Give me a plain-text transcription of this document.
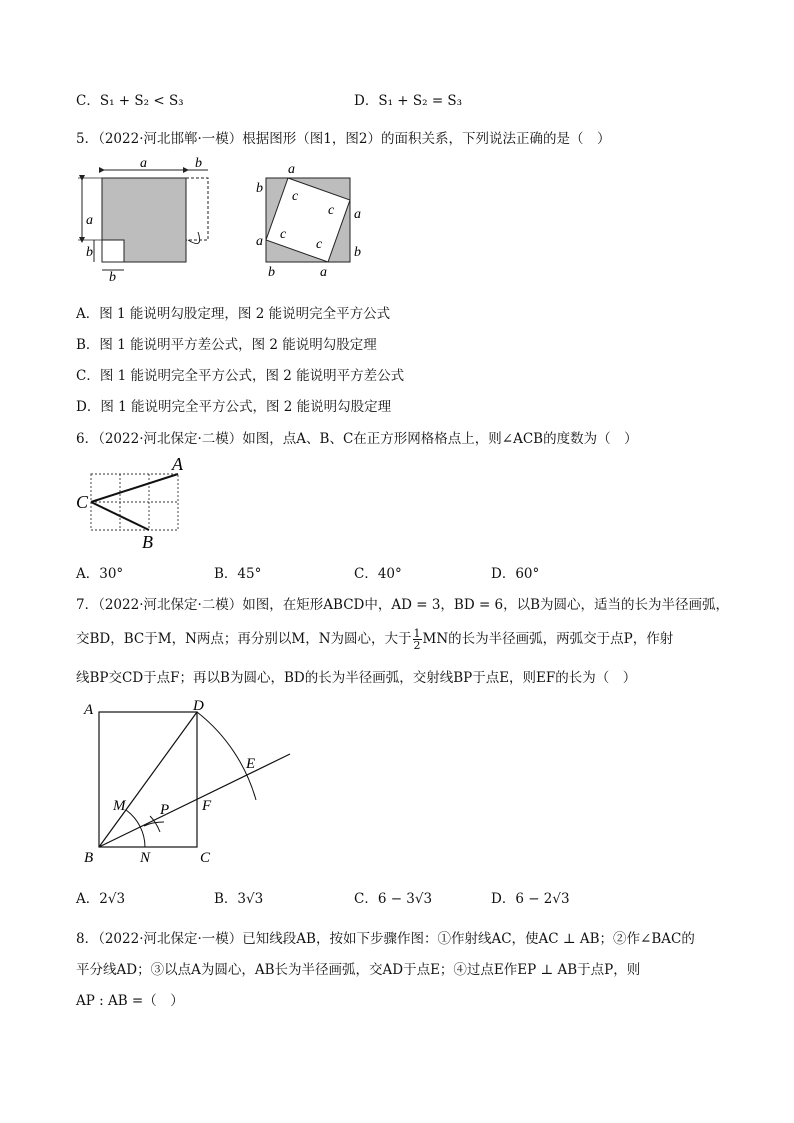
C．S₁ + S₂ < S₃	D．S₁ + S₂ = S₃
5．（2022·河北邯郸·一模）根据图形（图1，图2）的面积关系，下列说法正确的是（　）
a	b
a
b
b
a
b
a
b
a
b	a
c
c
c
c
A．图 1 能说明勾股定理，图 2 能说明完全平方公式
B．图 1 能说明平方差公式，图 2 能说明勾股定理
C．图 1 能说明完全平方公式，图 2 能说明平方差公式
D．图 1 能说明完全平方公式，图 2 能说明勾股定理
6．（2022·河北保定·二模）如图，点A、B、C在正方形网格格点上，则∠ACB的度数为（　）
A
C
B
A．30°	B．45°	C．40°	D．60°
7．（2022·河北保定·二模）如图，在矩形ABCD中，AD = 3，BD = 6，以B为圆心，适当的长为半径画弧，
交BD，BC于M，N两点；再分别以M，N为圆心，大于 $\frac{1}{2}$ MN的长为半径画弧，两弧交于点P，作射
线BP交CD于点F；再以B为圆心，BD的长为半径画弧，交射线BP于点E，则EF的长为（　）
A	D
B	C
E
F
M
N
P
A．2√3	B．3√3	C．6 − 3√3	D．6 − 2√3
8．（2022·河北保定·一模）已知线段AB，按如下步骤作图：①作射线AC，使AC ⊥ AB；②作∠BAC的
平分线AD；③以点A为圆心，AB长为半径画弧，交AD于点E；④过点E作EP ⊥ AB于点P，则
AP : AB =（　）
